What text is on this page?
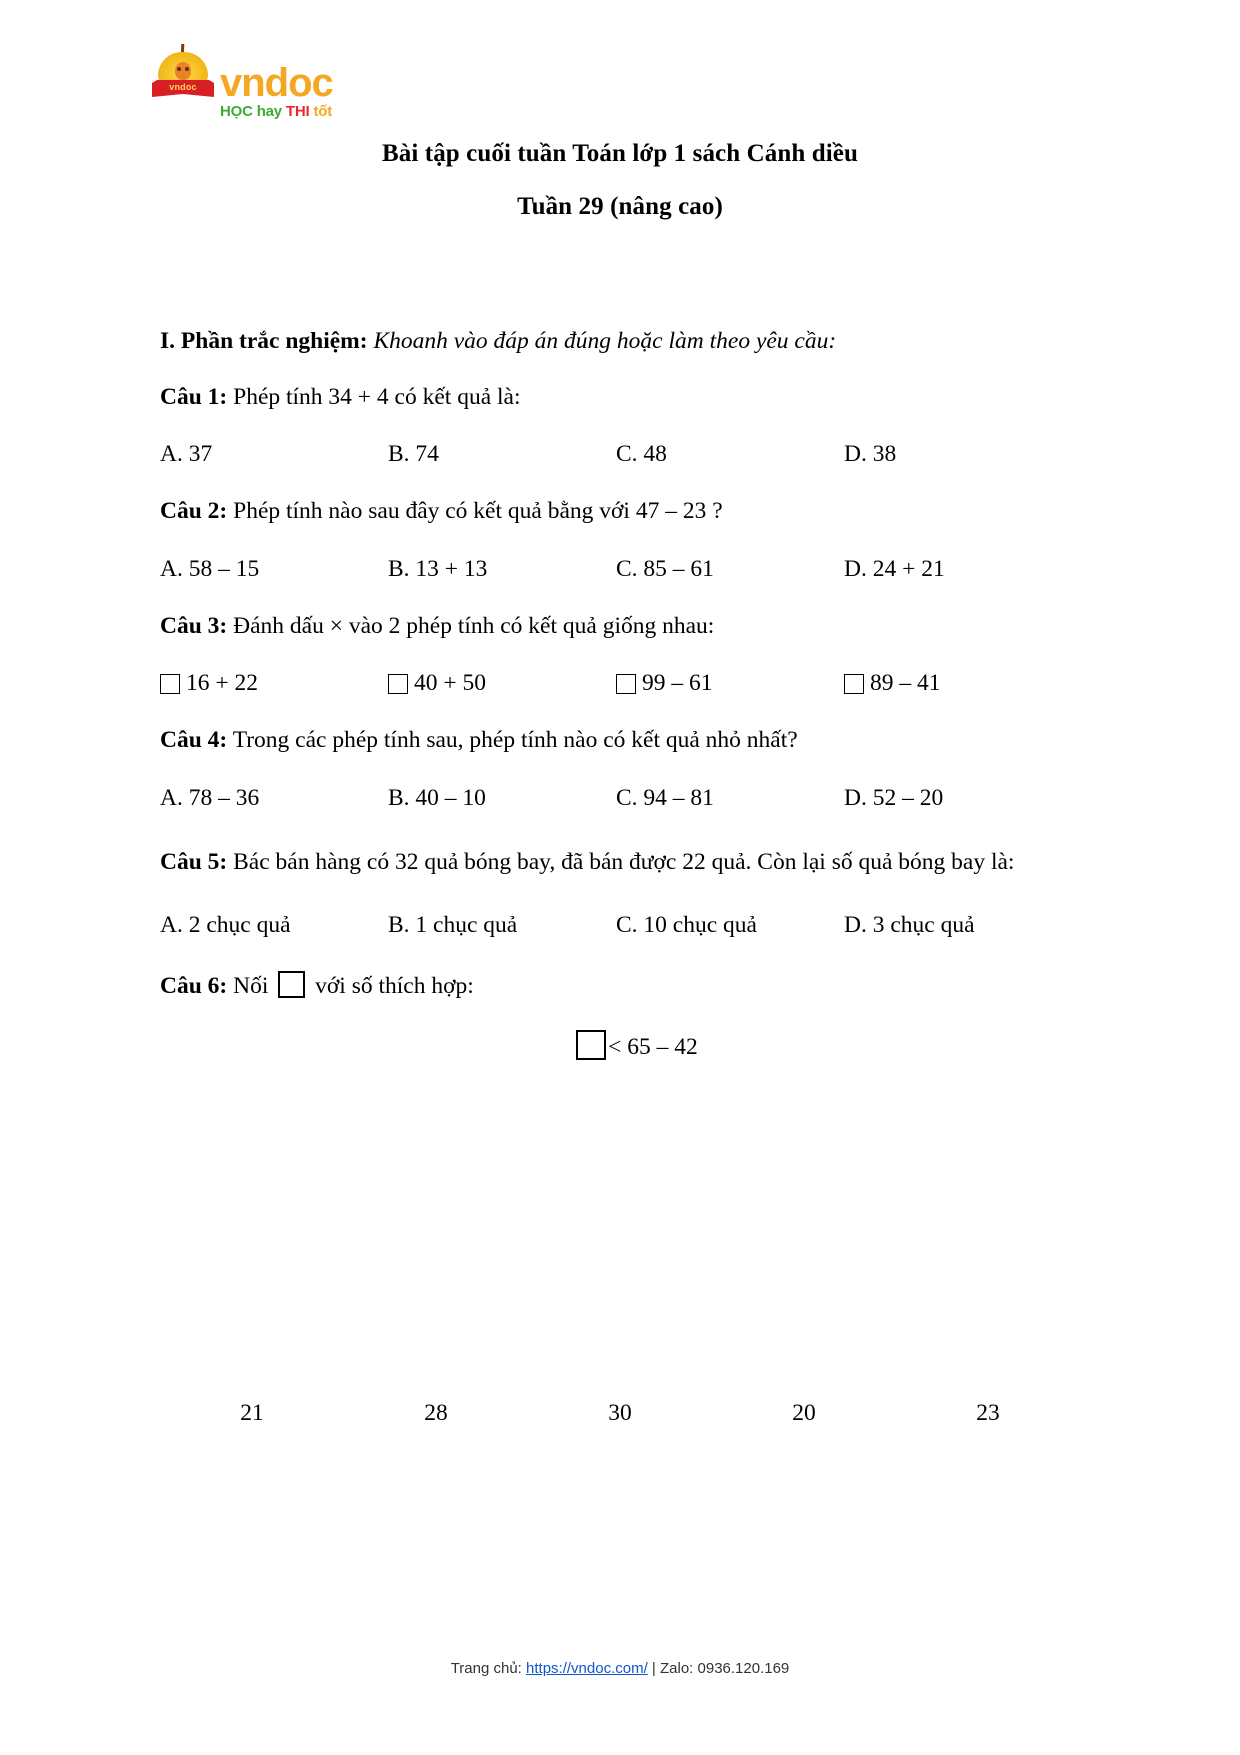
vndoc vndoc
HỌC hay THI tốt
Bài tập cuối tuần Toán lớp 1 sách Cánh diều
Tuần 29 (nâng cao)

I. Phần trắc nghiệm: Khoanh vào đáp án đúng hoặc làm theo yêu cầu:

Câu 1: Phép tính 34 + 4 có kết quả là:

A. 37	B. 74	C. 48	D. 38

Câu 2: Phép tính nào sau đây có kết quả bằng với 47 – 23 ?

A. 58 – 15	B. 13 + 13	C. 85 – 61	D. 24 + 21

Câu 3: Đánh dấu × vào 2 phép tính có kết quả giống nhau:

16 + 22	40 + 50	99 – 61	89 – 41

Câu 4: Trong các phép tính sau, phép tính nào có kết quả nhỏ nhất?

A. 78 – 36	B. 40 – 10	C. 94 – 81	D. 52 – 20

Câu 5: Bác bán hàng có 32 quả bóng bay, đã bán được 22 quả. Còn lại số quả bóng bay là:

A. 2 chục quả	B. 1 chục quả	C. 10 chục quả	D. 3 chục quả

Câu 6: Nối  với số thích hợp:

< 65 – 42
21	28	30	20	23
Trang chủ: https://vndoc.com/ | Zalo: 0936.120.169
